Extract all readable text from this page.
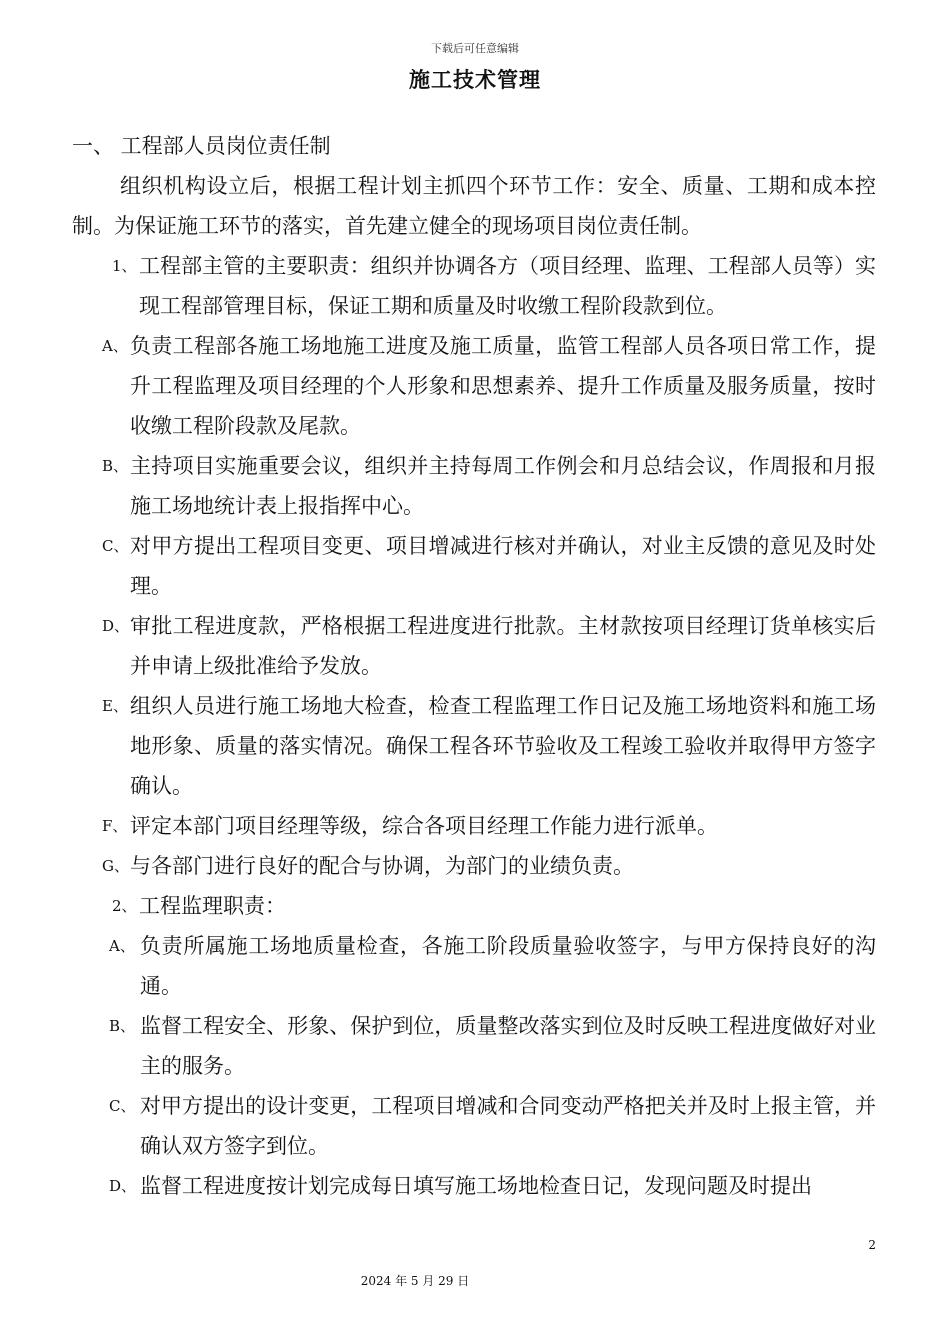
下载后可任意编辑
施工技术管理
一、 工程部人员岗位责任制

组织机构设立后，根据工程计划主抓四个环节工作：安全、质量、工期和成本控制。为保证施工环节的落实，首先建立健全的现场项目岗位责任制。

1、 工程部主管的主要职责：组织并协调各方（项目经理、监理、工程部人员等）实现工程部管理目标，保证工期和质量及时收缴工程阶段款到位。
A、 负责工程部各施工场地施工进度及施工质量，监管工程部人员各项日常工作，提升工程监理及项目经理的个人形象和思想素养、提升工作质量及服务质量，按时收缴工程阶段款及尾款。
B、 主持项目实施重要会议，组织并主持每周工作例会和月总结会议，作周报和月报施工场地统计表上报指挥中心。
C、 对甲方提出工程项目变更、项目增减进行核对并确认，对业主反馈的意见及时处理。
D、 审批工程进度款，严格根据工程进度进行批款。主材款按项目经理订货单核实后并申请上级批准给予发放。
E、 组织人员进行施工场地大检查，检查工程监理工作日记及施工场地资料和施工场地形象、质量的落实情况。确保工程各环节验收及工程竣工验收并取得甲方签字确认。
F、 评定本部门项目经理等级，综合各项目经理工作能力进行派单。
G、 与各部门进行良好的配合与协调，为部门的业绩负责。
2、 工程监理职责：
A、 负责所属施工场地质量检查，各施工阶段质量验收签字，与甲方保持良好的沟通。
B、 监督工程安全、形象、保护到位，质量整改落实到位及时反映工程进度做好对业主的服务。
C、 对甲方提出的设计变更，工程项目增减和合同变动严格把关并及时上报主管，并确认双方签字到位。
D、 监督工程进度按计划完成每日填写施工场地检查日记，发现问题及时提出
2
2024 年 5 月 29 日
